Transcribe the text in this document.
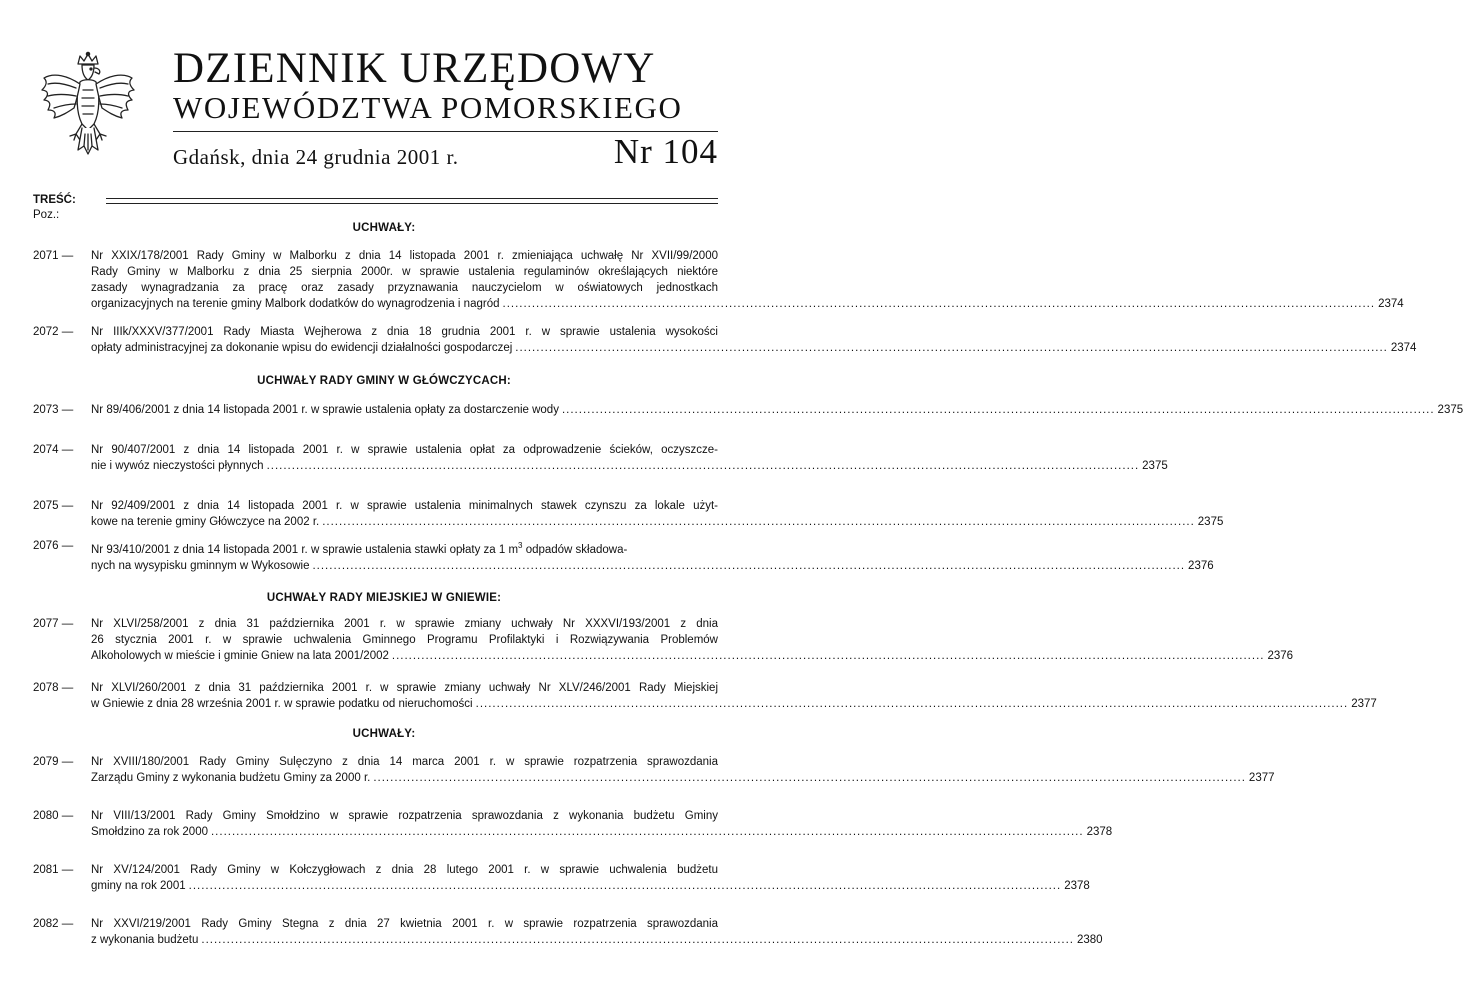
DZIENNIK URZĘDOWY
WOJEWÓDZTWA POMORSKIEGO
Gdańsk, dnia 24 grudnia 2001 r.	Nr 104
TREŚĆ:
Poz.:
UCHWAŁY:
UCHWAŁY RADY GMINY W GŁÓWCZYCACH:
UCHWAŁY RADY MIEJSKIEJ W GNIEWIE:
UCHWAŁY:
2071 —	Nr XXIX/178/2001 Rady Gminy w Malborku z dnia 14 listopada 2001 r. zmieniająca uchwałę Nr XVII/99/2000
Rady Gminy w Malborku z dnia 25 sierpnia 2000r. w sprawie ustalenia regulaminów określających niektóre
zasady wynagradzania za pracę oraz zasady przyznawania nauczycielom w oświatowych jednostkach
organizacyjnych na terenie gminy Malbork dodatków do wynagrodzenia i nagród ................................................................................................................................................................................................................ 2374
2072 —	Nr IIIk/XXXV/377/2001 Rady Miasta Wejherowa z dnia 18 grudnia 2001 r. w sprawie ustalenia wysokości
opłaty administracyjnej za dokonanie wpisu do ewidencji działalności gospodarczej ................................................................................................................................................................................................................ 2374
2073 —	Nr 89/406/2001 z dnia 14 listopada 2001 r. w sprawie ustalenia opłaty za dostarczenie wody ................................................................................................................................................................................................................ 2375
2074 —	Nr 90/407/2001 z dnia 14 listopada 2001 r. w sprawie ustalenia opłat za odprowadzenie ścieków, oczyszcze-
nie i wywóz nieczystości płynnych ................................................................................................................................................................................................................ 2375
2075 —	Nr 92/409/2001 z dnia 14 listopada 2001 r. w sprawie ustalenia minimalnych stawek czynszu za lokale użyt-
kowe na terenie gminy Główczyce na 2002 r. ................................................................................................................................................................................................................ 2375
2076 —	Nr 93/410/2001 z dnia 14 listopada 2001 r. w sprawie ustalenia stawki opłaty za 1 $m^3$ odpadów składowa-
nych na wysypisku gminnym w Wykosowie ................................................................................................................................................................................................................ 2376
2077 —	Nr XLVI/258/2001 z dnia 31 października 2001 r. w sprawie zmiany uchwały Nr XXXVI/193/2001 z dnia
26 stycznia 2001 r. w sprawie uchwalenia Gminnego Programu Profilaktyki i Rozwiązywania Problemów
Alkoholowych w mieście i gminie Gniew na lata 2001/2002 ................................................................................................................................................................................................................ 2376
2078 —	Nr XLVI/260/2001 z dnia 31 października 2001 r. w sprawie zmiany uchwały Nr XLV/246/2001 Rady Miejskiej
w Gniewie z dnia 28 września 2001 r. w sprawie podatku od nieruchomości ................................................................................................................................................................................................................ 2377
2079 —	Nr XVIII/180/2001 Rady Gminy Sulęczyno z dnia 14 marca 2001 r. w sprawie rozpatrzenia sprawozdania
Zarządu Gminy z wykonania budżetu Gminy za 2000 r. ................................................................................................................................................................................................................ 2377
2080 —	Nr VIII/13/2001 Rady Gminy Smołdzino w sprawie rozpatrzenia sprawozdania z wykonania budżetu Gminy
Smołdzino za rok 2000 ................................................................................................................................................................................................................ 2378
2081 —	Nr XV/124/2001 Rady Gminy w Kołczygłowach z dnia 28 lutego 2001 r. w sprawie uchwalenia budżetu
gminy na rok 2001 ................................................................................................................................................................................................................ 2378
2082 —	Nr XXVI/219/2001 Rady Gminy Stegna z dnia 27 kwietnia 2001 r. w sprawie rozpatrzenia sprawozdania
z wykonania budżetu ................................................................................................................................................................................................................ 2380
